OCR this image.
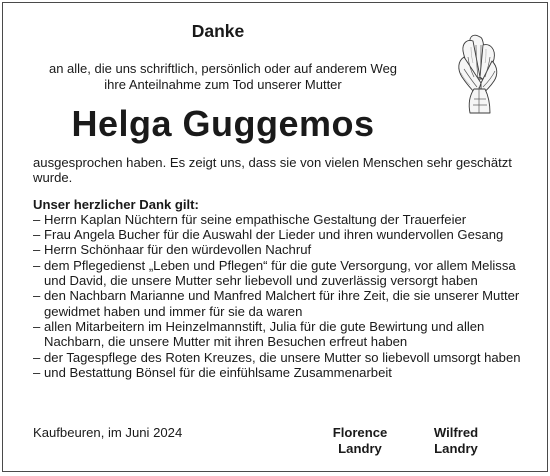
Danke
an alle, die uns schriftlich, persönlich oder auf anderem Weg
ihre Anteilnahme zum Tod unserer Mutter
Helga Guggemos

ausgesprochen haben. Es zeigt uns, dass sie von vielen Menschen sehr geschätzt wurde.

Unser herzlicher Dank gilt:

– Herrn Kaplan Nüchtern für seine empathische Gestaltung der Trauerfeier
– Frau Angela Bucher für die Auswahl der Lieder und ihren wundervollen Gesang
– Herrn Schönhaar für den würdevollen Nachruf
– dem Pflegedienst „Leben und Pflegen“ für die gute Versorgung, vor allem Melissa und David, die unsere Mutter sehr liebevoll und zuverlässig versorgt haben
– den Nachbarn Marianne und Manfred Malchert für ihre Zeit, die sie unserer Mutter gewidmet haben und immer für sie da waren
– allen Mitarbeitern im Heinzelmannstift, Julia für die gute Bewirtung und allen Nachbarn, die unsere Mutter mit ihren Besuchen erfreut haben
– der Tagespflege des Roten Kreuzes, die unsere Mutter so liebevoll umsorgt haben
– und Bestattung Bönsel für die einfühlsame Zusammenarbeit
Kaufbeuren, im Juni 2024	Florence
Landry
Wilfred
Landry
